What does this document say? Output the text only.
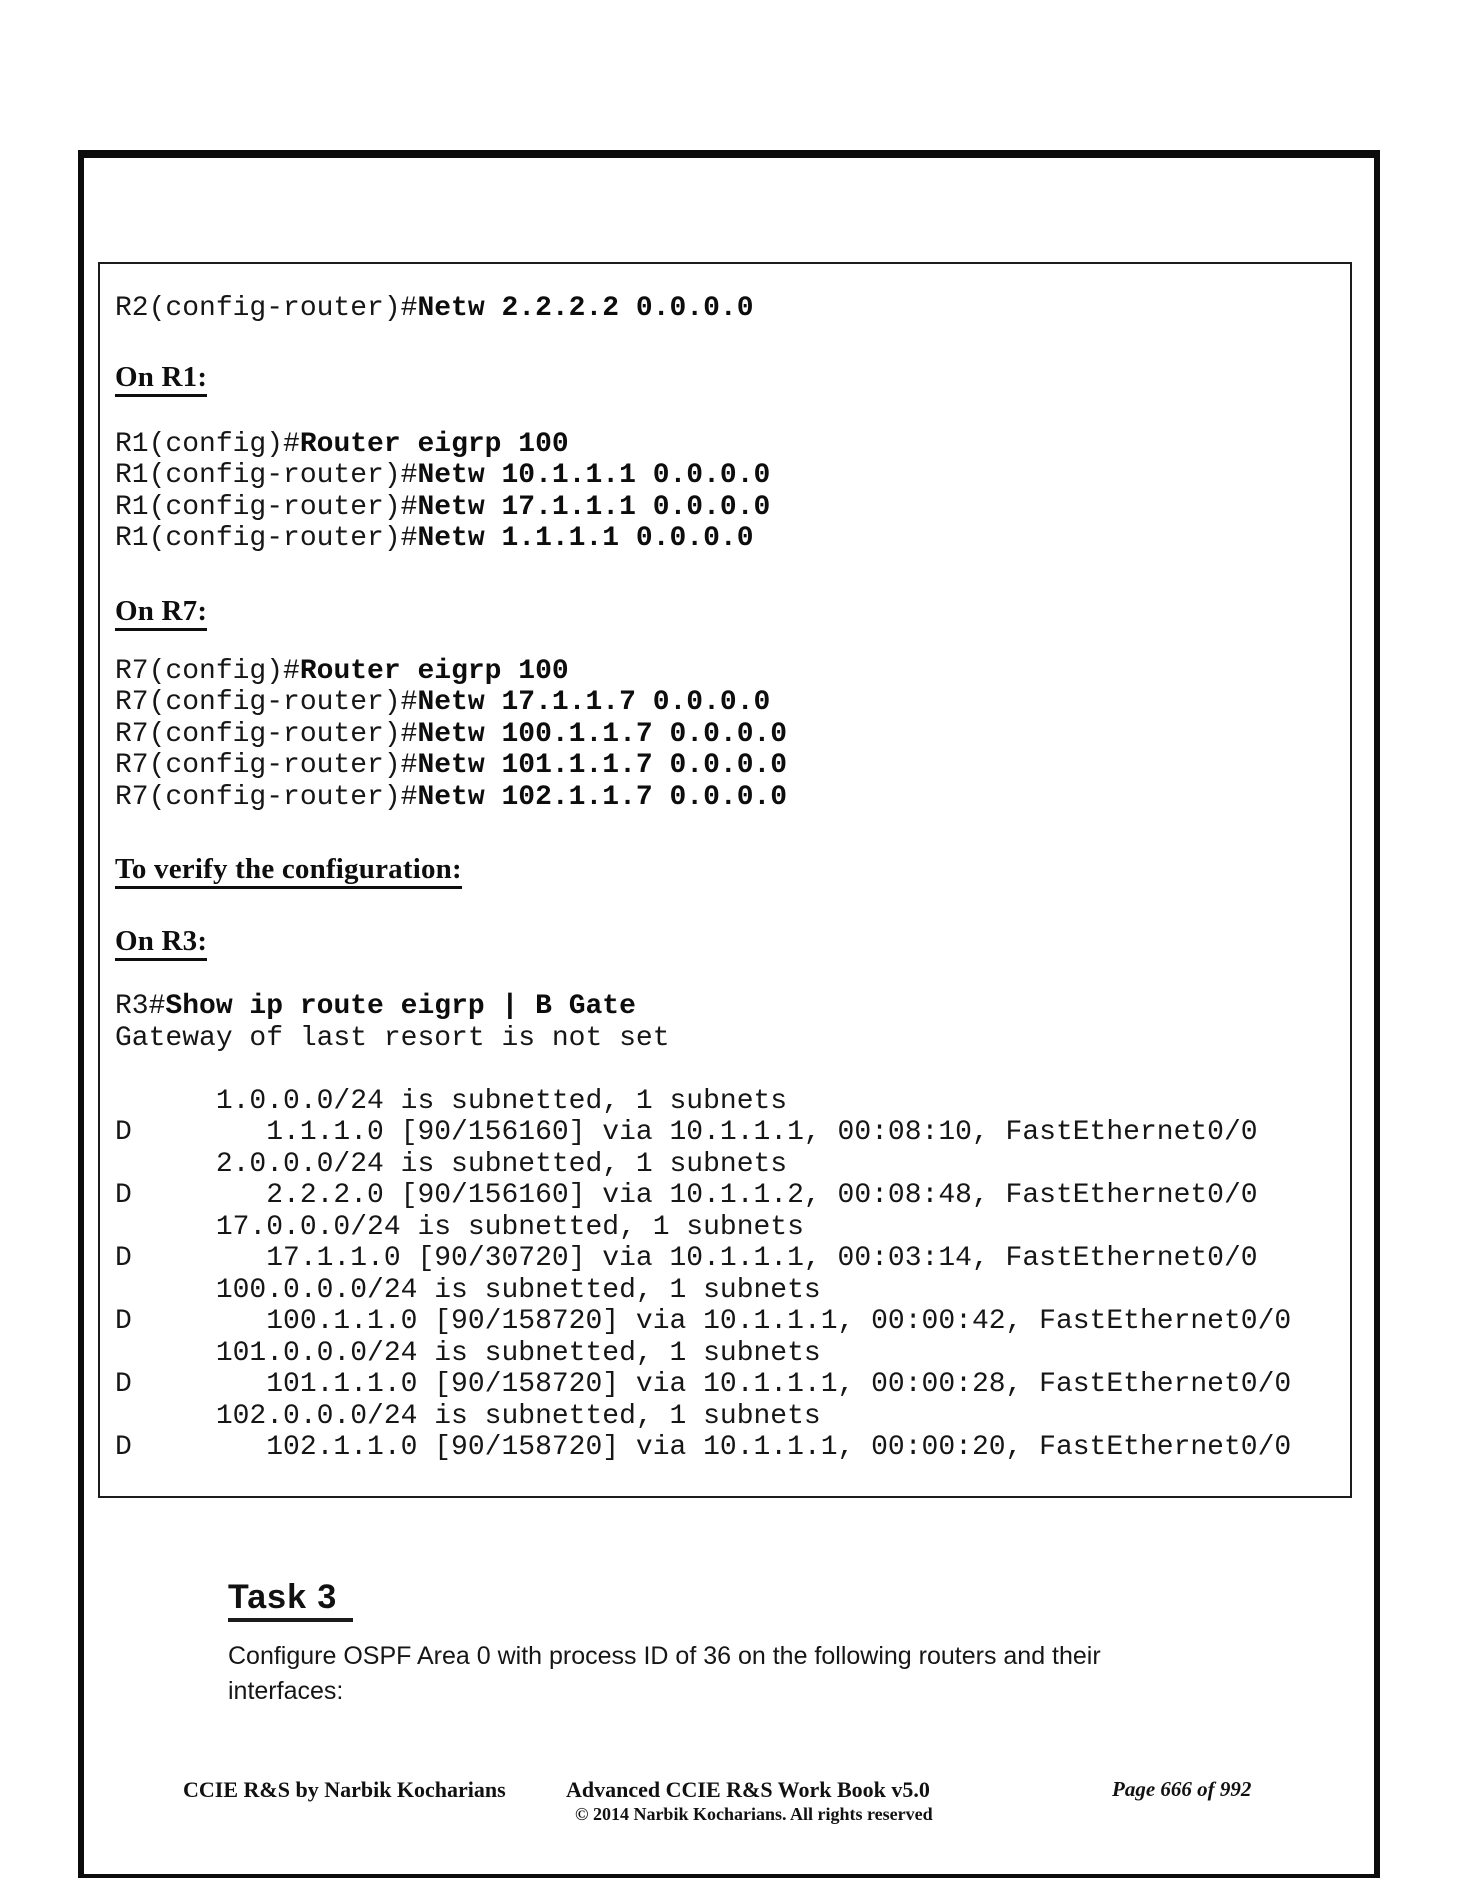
R2(config-router)#Netw 2.2.2.2 0.0.0.0
On R1:
R1(config)#Router eigrp 100
R1(config-router)#Netw 10.1.1.1 0.0.0.0
R1(config-router)#Netw 17.1.1.1 0.0.0.0
R1(config-router)#Netw 1.1.1.1 0.0.0.0
On R7:
R7(config)#Router eigrp 100
R7(config-router)#Netw 17.1.1.7 0.0.0.0
R7(config-router)#Netw 100.1.1.7 0.0.0.0
R7(config-router)#Netw 101.1.1.7 0.0.0.0
R7(config-router)#Netw 102.1.1.7 0.0.0.0
To verify the configuration:
On R3:
R3#Show ip route eigrp | B Gate
Gateway of last resort is not set
1.0.0.0/24 is subnetted, 1 subnets
D        1.1.1.0 [90/156160] via 10.1.1.1, 00:08:10, FastEthernet0/0
2.0.0.0/24 is subnetted, 1 subnets
D        2.2.2.0 [90/156160] via 10.1.1.2, 00:08:48, FastEthernet0/0
17.0.0.0/24 is subnetted, 1 subnets
D        17.1.1.0 [90/30720] via 10.1.1.1, 00:03:14, FastEthernet0/0
100.0.0.0/24 is subnetted, 1 subnets
D        100.1.1.0 [90/158720] via 10.1.1.1, 00:00:42, FastEthernet0/0
101.0.0.0/24 is subnetted, 1 subnets
D        101.1.1.0 [90/158720] via 10.1.1.1, 00:00:28, FastEthernet0/0
102.0.0.0/24 is subnetted, 1 subnets
D        102.1.1.0 [90/158720] via 10.1.1.1, 00:00:20, FastEthernet0/0
Task 3

Configure OSPF Area 0 with process ID of 36 on the following routers and their
interfaces:

CCIE R&S by Narbik Kocharians	Advanced CCIE R&S Work Book v5.0	Page 666 of 992
© 2014 Narbik Kocharians. All rights reserved
